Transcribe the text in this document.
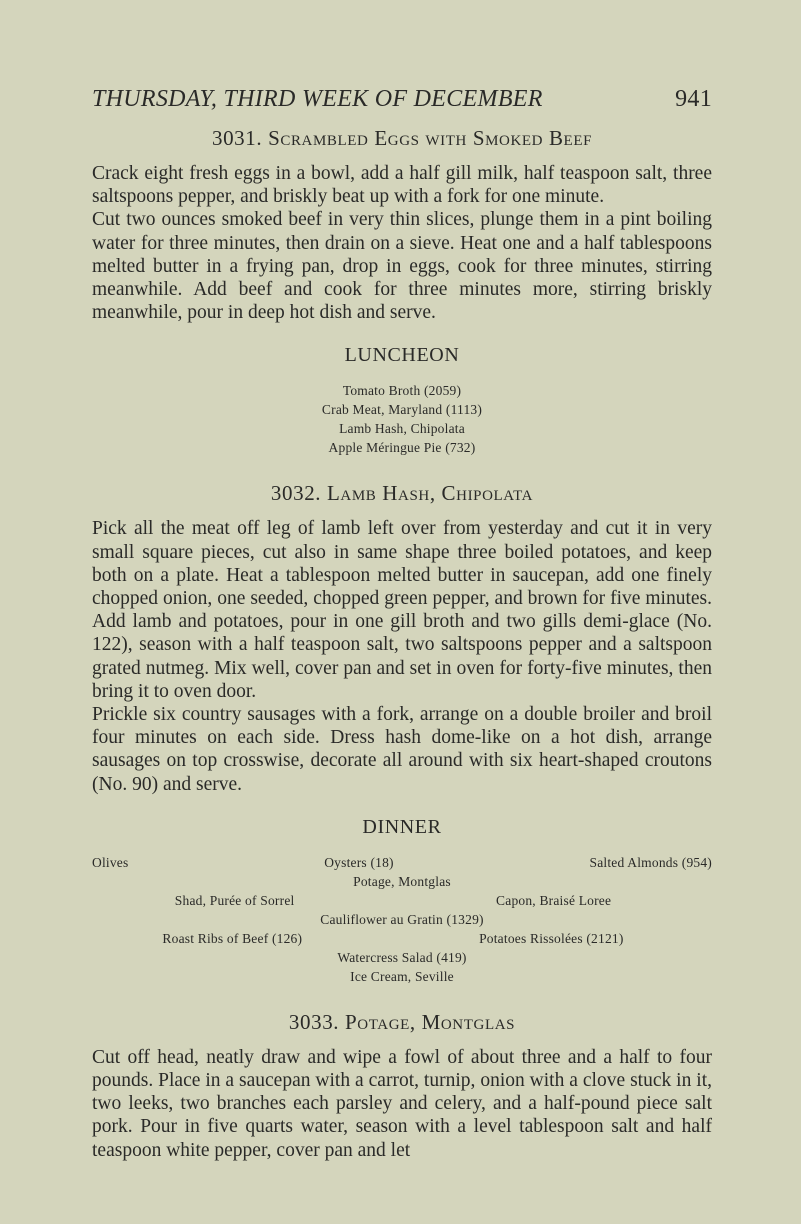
THURSDAY, THIRD WEEK OF DECEMBER	941
3031. Scrambled Eggs with Smoked Beef

Crack eight fresh eggs in a bowl, add a half gill milk, half teaspoon salt, three saltspoons pepper, and briskly beat up with a fork for one minute.

Cut two ounces smoked beef in very thin slices, plunge them in a pint boiling water for three minutes, then drain on a sieve. Heat one and a half tablespoons melted butter in a frying pan, drop in eggs, cook for three minutes, stirring meanwhile. Add beef and cook for three minutes more, stirring briskly meanwhile, pour in deep hot dish and serve.

LUNCHEON
Tomato Broth (2059)
Crab Meat, Maryland (1113)
Lamb Hash, Chipolata
Apple Méringue Pie (732)
3032. Lamb Hash, Chipolata

Pick all the meat off leg of lamb left over from yesterday and cut it in very small square pieces, cut also in same shape three boiled potatoes, and keep both on a plate. Heat a tablespoon melted butter in saucepan, add one finely chopped onion, one seeded, chopped green pepper, and brown for five minutes. Add lamb and potatoes, pour in one gill broth and two gills demi-glace (No. 122), season with a half teaspoon salt, two saltspoons pepper and a saltspoon grated nutmeg. Mix well, cover pan and set in oven for forty-five minutes, then bring it to oven door.

Prickle six country sausages with a fork, arrange on a double broiler and broil four minutes on each side. Dress hash dome-like on a hot dish, arrange sausages on top crosswise, decorate all around with six heart-shaped croutons (No. 90) and serve.

DINNER
Olives	Oysters (18)	Salted Almonds (954)
Potage, Montglas
Shad, Purée of Sorrel	Capon, Braisé Loree
Cauliflower au Gratin (1329)
Roast Ribs of Beef (126)	Potatoes Rissolées (2121)
Watercress Salad (419)
Ice Cream, Seville
3033. Potage, Montglas

Cut off head, neatly draw and wipe a fowl of about three and a half to four pounds. Place in a saucepan with a carrot, turnip, onion with a clove stuck in it, two leeks, two branches each parsley and celery, and a half-pound piece salt pork. Pour in five quarts water, season with a level tablespoon salt and half teaspoon white pepper, cover pan and let
